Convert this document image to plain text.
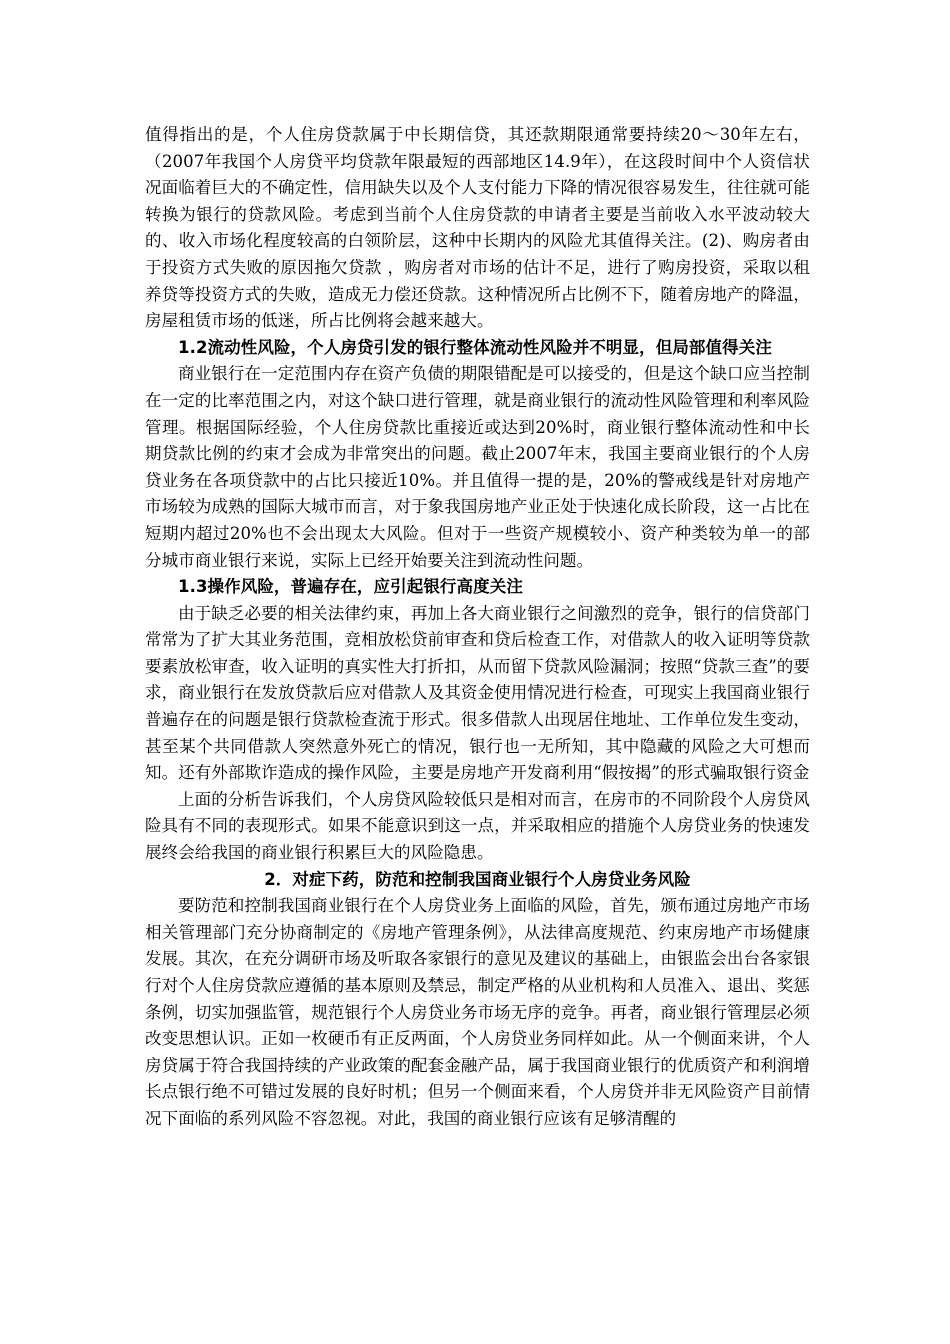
值得指出的是，个人住房贷款属于中长期信贷，其还款期限通常要持续20～30年左右，（2007年我国个人房贷平均贷款年限最短的西部地区14.9年），在这段时间中个人资信状况面临着巨大的不确定性，信用缺失以及个人支付能力下降的情况很容易发生，往往就可能转换为银行的贷款风险。考虑到当前个人住房贷款的申请者主要是当前收入水平波动较大的、收入市场化程度较高的白领阶层，这种中长期内的风险尤其值得关注。(2)、购房者由于投资方式失败的原因拖欠贷款 ，购房者对市场的估计不足，进行了购房投资，采取以租养贷等投资方式的失败，造成无力偿还贷款。这种情况所占比例不下，随着房地产的降温，房屋租赁市场的低迷，所占比例将会越来越大。

1.2流动性风险，个人房贷引发的银行整体流动性风险并不明显，但局部值得关注

商业银行在一定范围内存在资产负债的期限错配是可以接受的，但是这个缺口应当控制在一定的比率范围之内，对这个缺口进行管理，就是商业银行的流动性风险管理和利率风险管理。根据国际经验，个人住房贷款比重接近或达到20%时，商业银行整体流动性和中长期贷款比例的约束才会成为非常突出的问题。截止2007年末，我国主要商业银行的个人房贷业务在各项贷款中的占比只接近10%。并且值得一提的是，20%的警戒线是针对房地产市场较为成熟的国际大城市而言，对于象我国房地产业正处于快速化成长阶段，这一占比在短期内超过20%也不会出现太大风险。但对于一些资产规模较小、资产种类较为单一的部分城市商业银行来说，实际上已经开始要关注到流动性问题。

1.3操作风险，普遍存在，应引起银行高度关注

由于缺乏必要的相关法律约束，再加上各大商业银行之间激烈的竞争，银行的信贷部门常常为了扩大其业务范围，竞相放松贷前审查和贷后检查工作，对借款人的收入证明等贷款要素放松审查，收入证明的真实性大打折扣，从而留下贷款风险漏洞；按照“贷款三查”的要求，商业银行在发放贷款后应对借款人及其资金使用情况进行检查，可现实上我国商业银行普遍存在的问题是银行贷款检查流于形式。很多借款人出现居住地址、工作单位发生变动，甚至某个共同借款人突然意外死亡的情况，银行也一无所知，其中隐藏的风险之大可想而知。还有外部欺诈造成的操作风险，主要是房地产开发商利用“假按揭”的形式骗取银行资金

上面的分析告诉我们，个人房贷风险较低只是相对而言，在房市的不同阶段个人房贷风险具有不同的表现形式。如果不能意识到这一点，并采取相应的措施个人房贷业务的快速发展终会给我国的商业银行积累巨大的风险隐患。

2．对症下药，防范和控制我国商业银行个人房贷业务风险

要防范和控制我国商业银行在个人房贷业务上面临的风险，首先，颁布通过房地产市场相关管理部门充分协商制定的《房地产管理条例》，从法律高度规范、约束房地产市场健康发展。其次，在充分调研市场及听取各家银行的意见及建议的基础上，由银监会出台各家银行对个人住房贷款应遵循的基本原则及禁忌，制定严格的从业机构和人员准入、退出、奖惩条例，切实加强监管，规范银行个人房贷业务市场无序的竞争。再者，商业银行管理层必须改变思想认识。正如一枚硬币有正反两面，个人房贷业务同样如此。从一个侧面来讲，个人房贷属于符合我国持续的产业政策的配套金融产品，属于我国商业银行的优质资产和利润增长点银行绝不可错过发展的良好时机；但另一个侧面来看，个人房贷并非无风险资产目前情况下面临的系列风险不容忽视。对此，我国的商业银行应该有足够清醒的
